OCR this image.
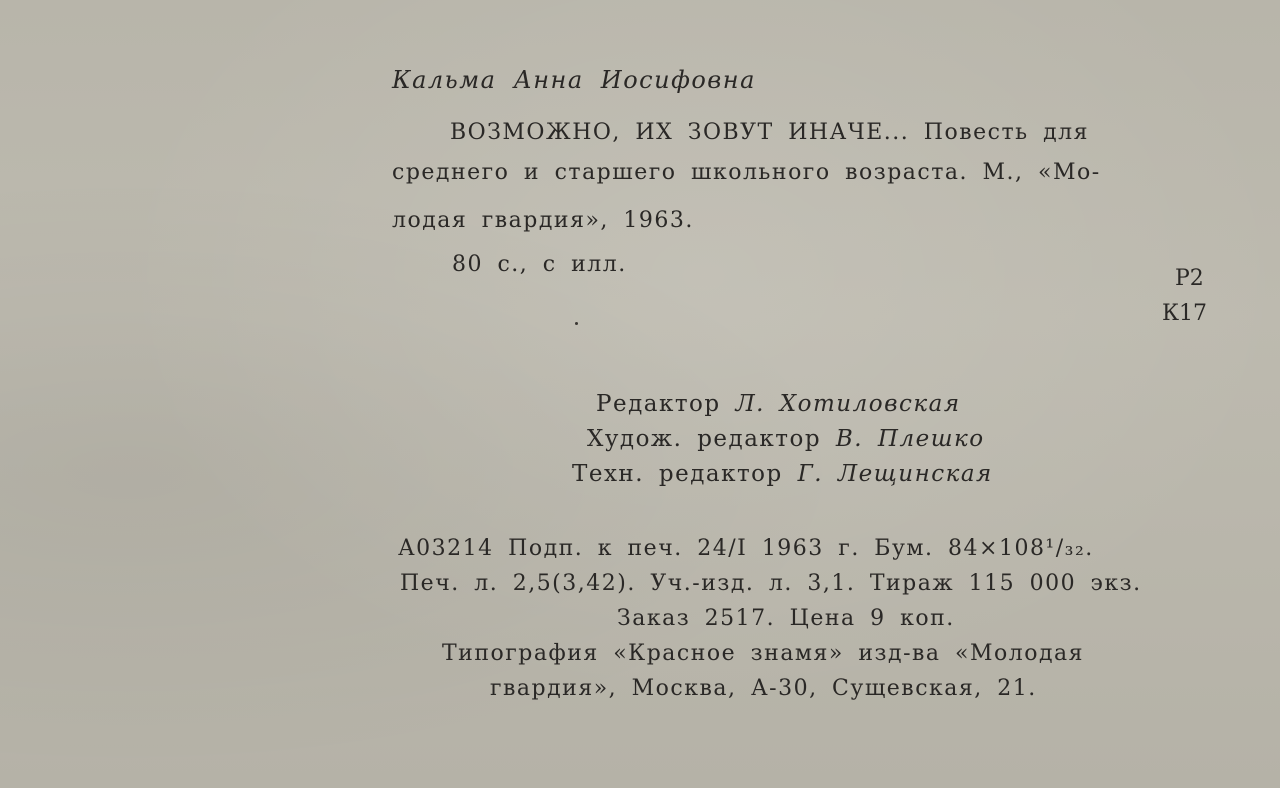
Кальма Анна Иосифовна
ВОЗМОЖНО, ИХ ЗОВУТ ИНАЧЕ... Повесть для
среднего и старшего школьного возраста. М., «Мо-
лодая гвардия», 1963.
80 с., с илл.
Р2
К17
Редактор Л. Хотиловская
Худож. редактор В. Плешко
Техн. редактор Г. Лещинская
А03214 Подп. к печ. 24/I 1963 г. Бум. 84×108¹/₃₂.
Печ. л. 2,5(3,42). Уч.-изд. л. 3,1. Тираж 115 000 экз.
Заказ 2517. Цена 9 коп.
Типография «Красное знамя» изд-ва «Молодая
гвардия», Москва, А-30, Сущевская, 21.
